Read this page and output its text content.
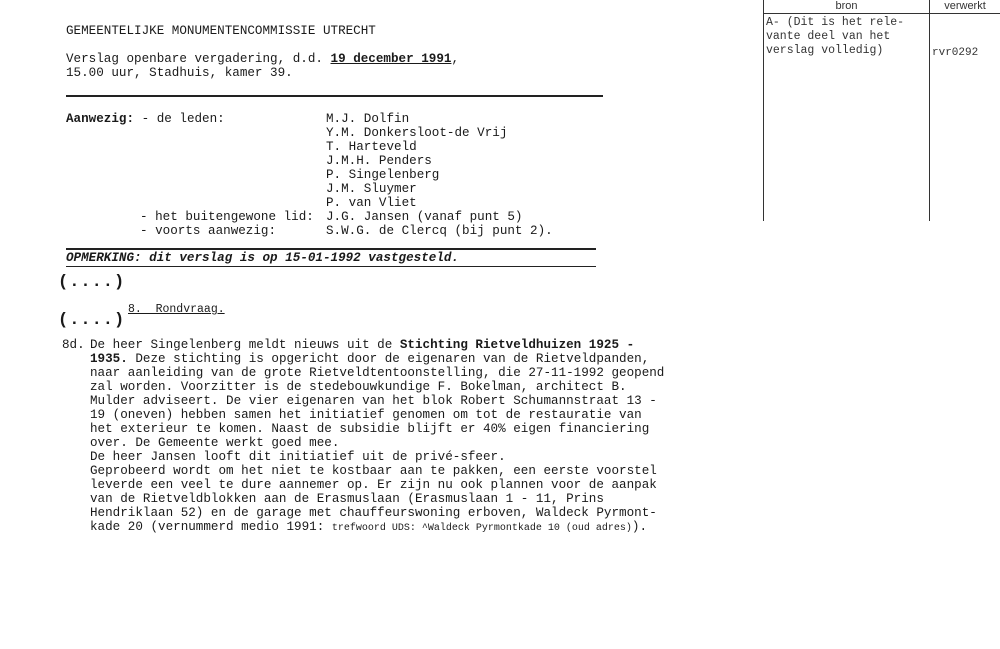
GEMEENTELIJKE MONUMENTENCOMMISSIE UTRECHT
Verslag openbare vergadering, d.d. 19 december 1991,
15.00 uur, Stadhuis, kamer 39.
Aanwezig: - de leden:	M.J. Dolfin
Y.M. Donkersloot-de Vrij
T. Harteveld
J.M.H. Penders
P. Singelenberg
J.M. Sluymer
P. van Vliet
- het buitengewone lid: J.G. Jansen (vanaf punt 5)
- voorts aanwezig:	S.W.G. de Clercq (bij punt 2).
OPMERKING: dit verslag is op 15-01-1992 vastgesteld.
(....)
(....)
8.  Rondvraag.
8d. De heer Singelenberg meldt nieuws uit de Stichting Rietveldhuizen 1925 -
1935. Deze stichting is opgericht door de eigenaren van de Rietveldpanden,
naar aanleiding van de grote Rietveldtentoonstelling, die 27-11-1992 geopend
zal worden. Voorzitter is de stedebouwkundige F. Bokelman, architect B.
Mulder adviseert. De vier eigenaren van het blok Robert Schumannstraat 13 -
19 (oneven) hebben samen het initiatief genomen om tot de restauratie van
het exterieur te komen. Naast de subsidie blijft er 40% eigen financiering
over. De Gemeente werkt goed mee.
De heer Jansen looft dit initiatief uit de privé-sfeer.
Geprobeerd wordt om het niet te kostbaar aan te pakken, een eerste voorstel
leverde een veel te dure aannemer op. Er zijn nu ook plannen voor de aanpak
van de Rietveldblokken aan de Erasmuslaan (Erasmuslaan 1 - 11, Prins
Hendriklaan 52) en de garage met chauffeurswoning erboven, Waldeck Pyrmont-
kade 20 (vernummerd medio 1991: trefwoord UDS: ^Waldeck Pyrmontkade 10 (oud adres)).
bron	verwerkt
A- (Dit is het rele-
vante deel van het
verslag volledig)	rvr0292
